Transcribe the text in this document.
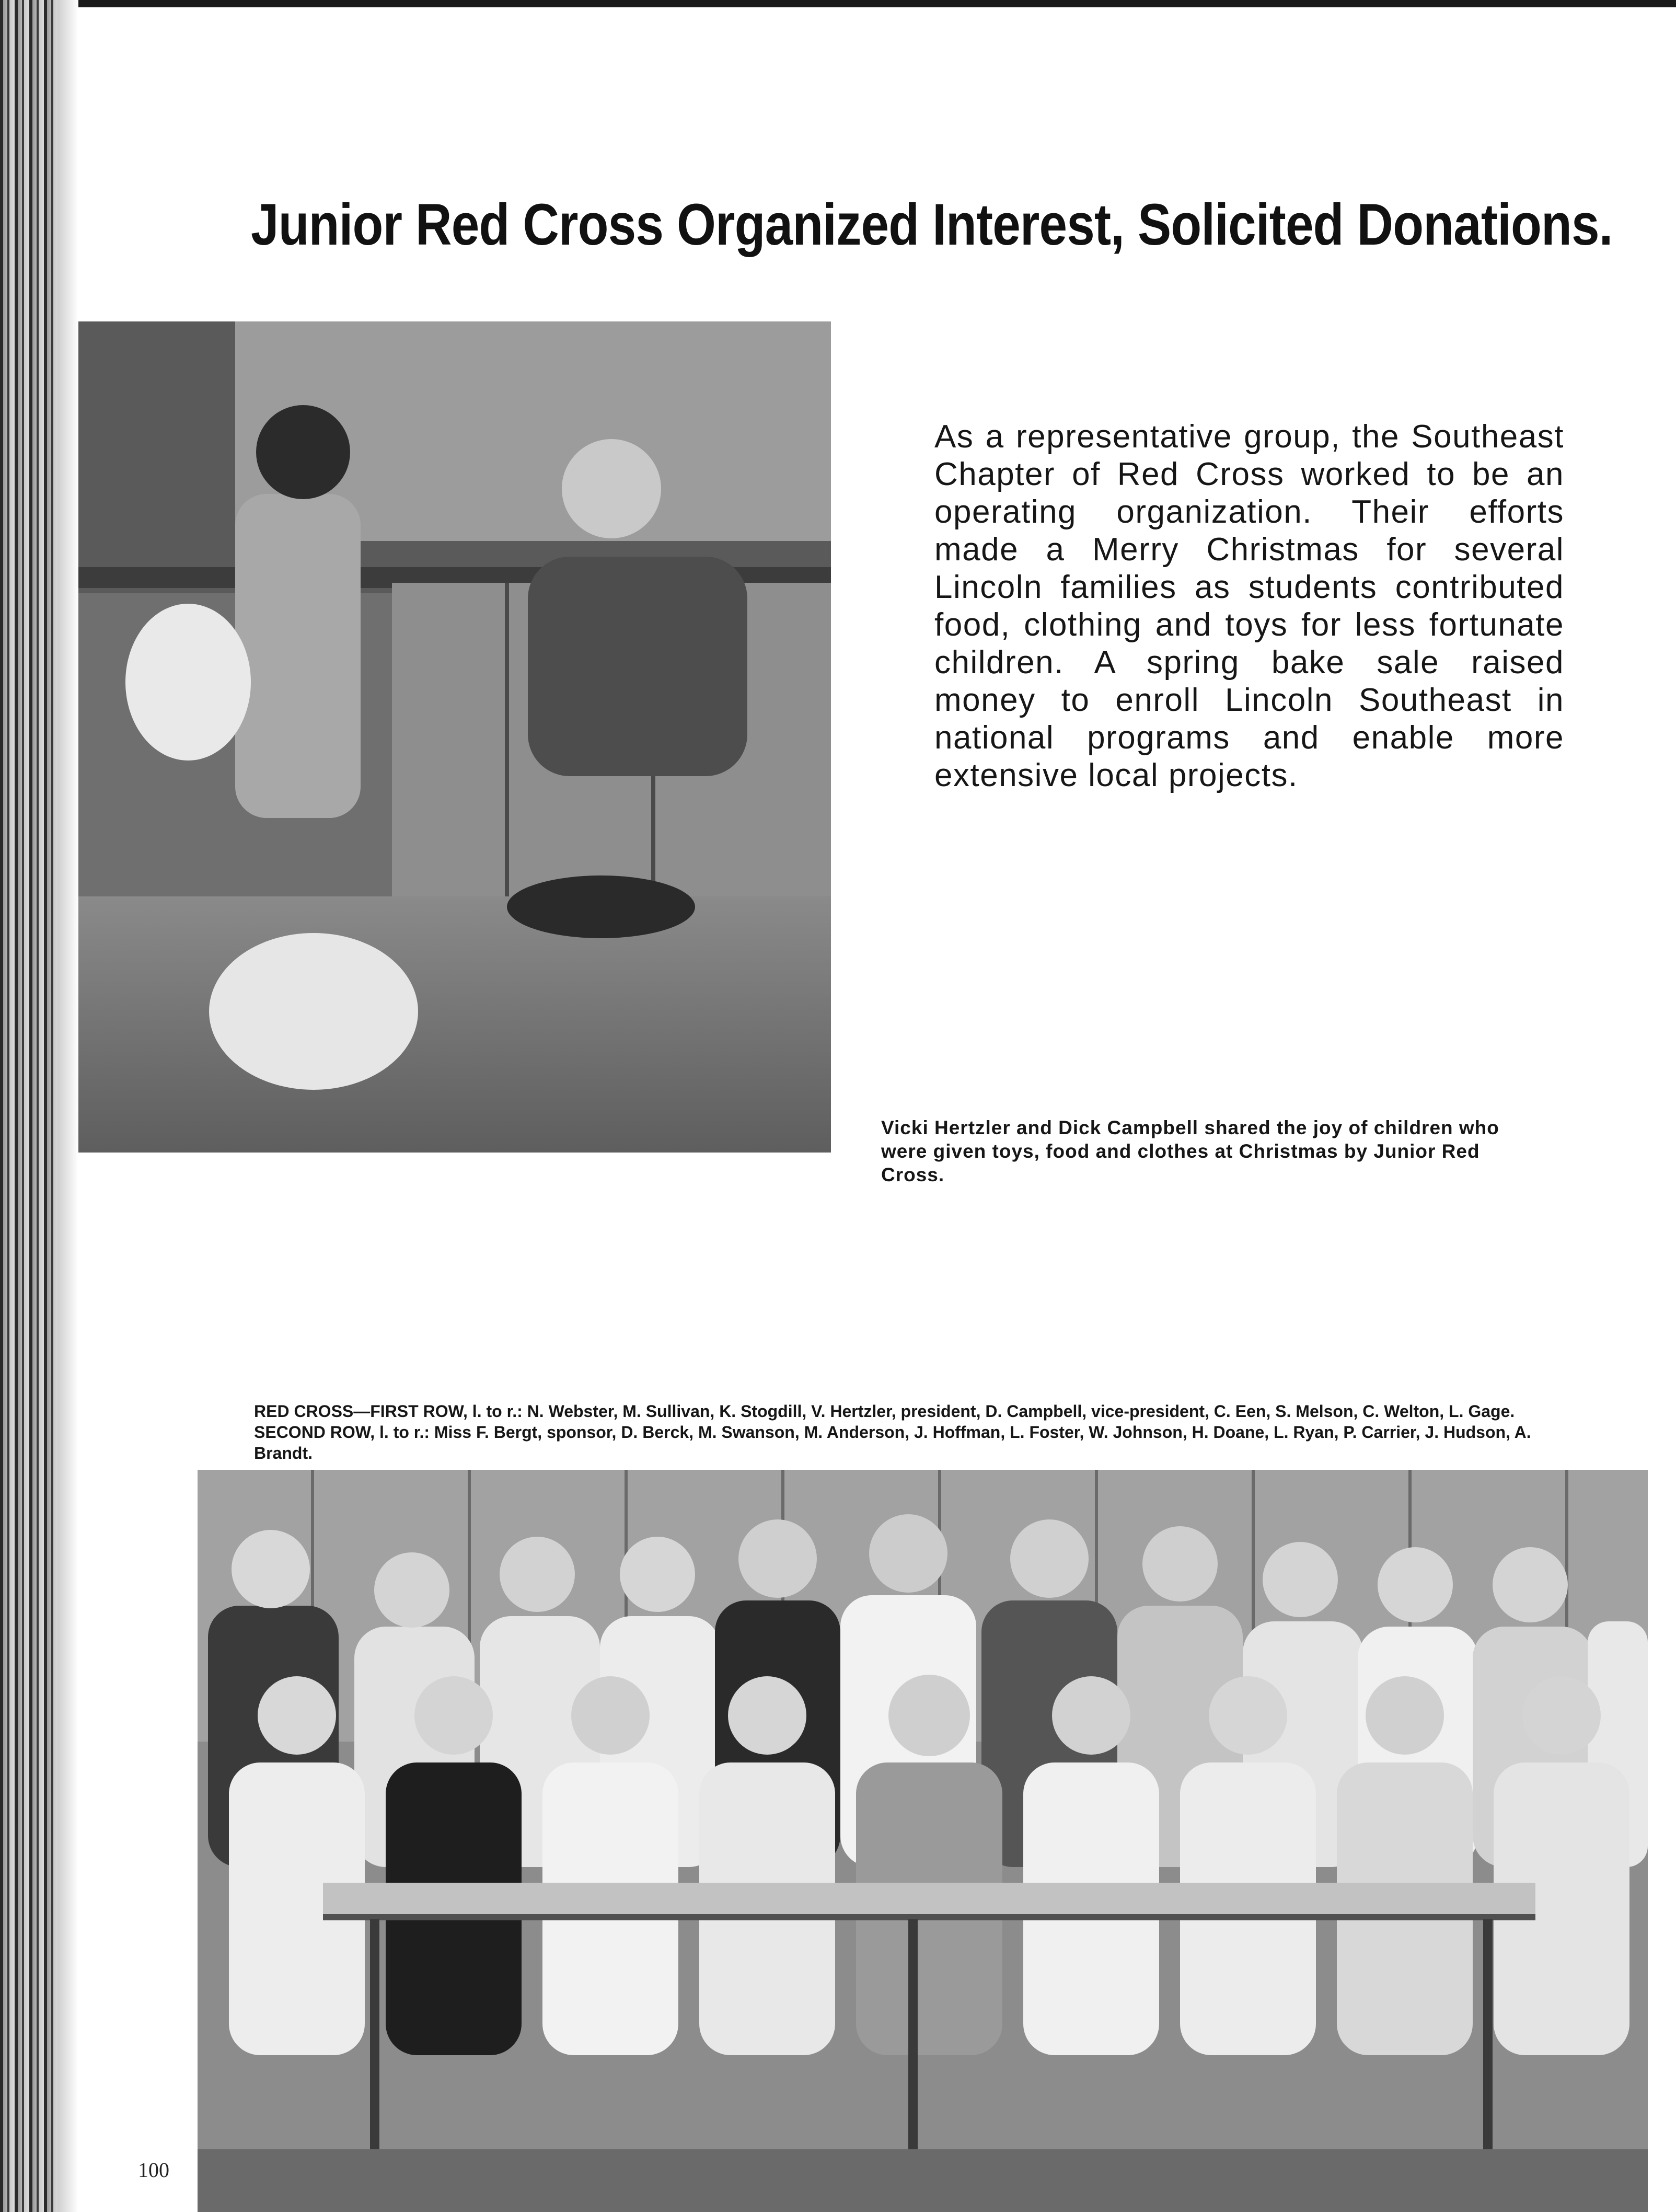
Junior Red Cross Organized Interest, Solicited Donations.
As a representative group, the Southeast Chapter of Red Cross worked to be an operating organization. Their efforts made a Merry Christmas for several Lincoln families as students contributed food, clothing and toys for less fortunate children. A spring bake sale raised money to enroll Lincoln Southeast in national programs and enable more extensive local projects.
Vicki Hertzler and Dick Campbell shared the joy of children who were given toys, food and clothes at Christmas by Junior Red Cross.
RED CROSS—FIRST ROW, l. to r.: N. Webster, M. Sullivan, K. Stogdill, V. Hertzler, president, D. Campbell, vice-president, C. Een, S. Melson, C. Welton, L. Gage. SECOND ROW, l. to r.: Miss F. Bergt, sponsor, D. Berck, M. Swanson, M. Anderson, J. Hoffman, L. Foster, W. Johnson, H. Doane, L. Ryan, P. Carrier, J. Hudson, A. Brandt.
100
